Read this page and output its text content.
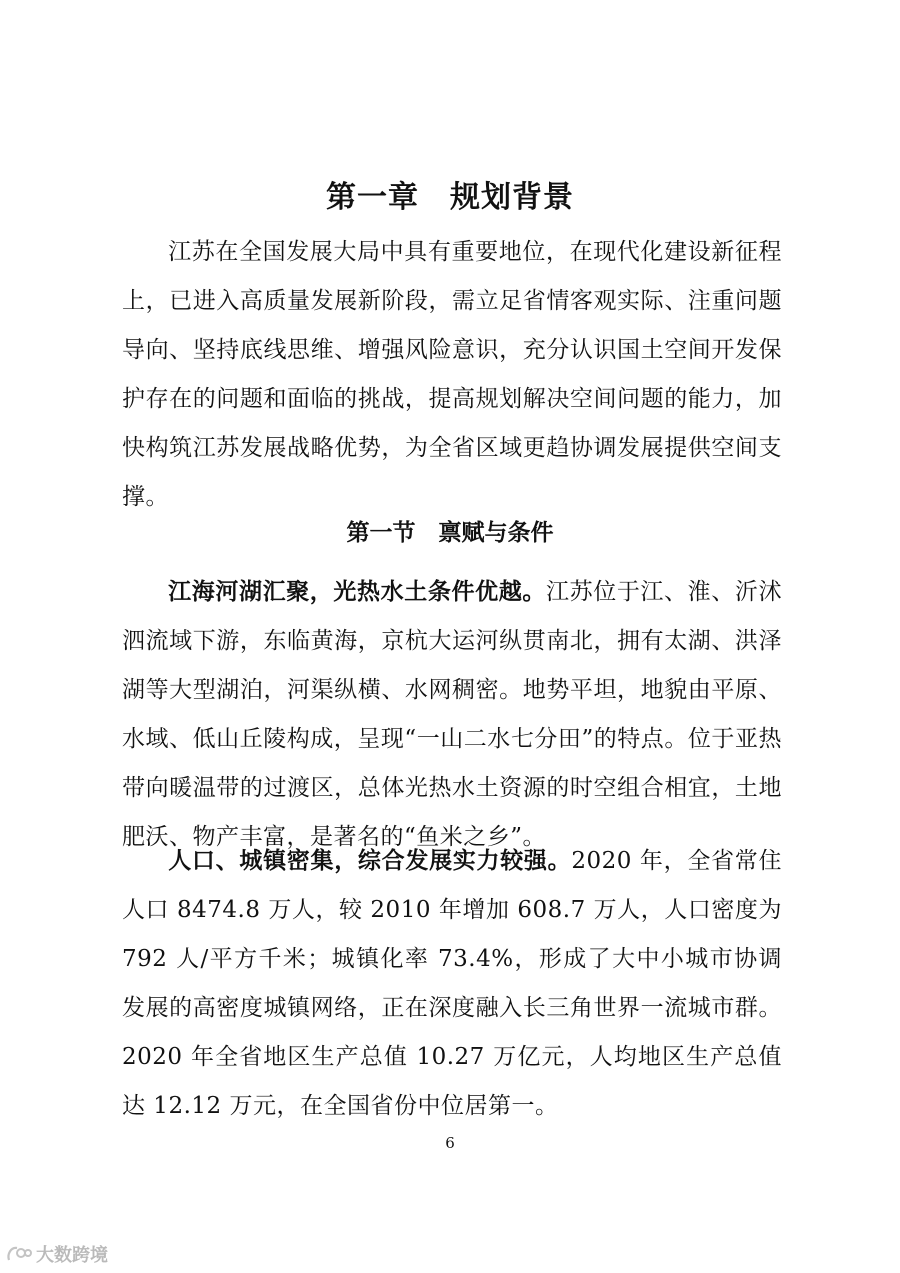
第一章　规划背景

江苏在全国发展大局中具有重要地位，在现代化建设新征程上，已进入高质量发展新阶段，需立足省情客观实际、注重问题导向、坚持底线思维、增强风险意识，充分认识国土空间开发保护存在的问题和面临的挑战，提高规划解决空间问题的能力，加快构筑江苏发展战略优势，为全省区域更趋协调发展提供空间支撑。

第一节　禀赋与条件

江海河湖汇聚，光热水土条件优越。江苏位于江、淮、沂沭泗流域下游，东临黄海，京杭大运河纵贯南北，拥有太湖、洪泽湖等大型湖泊，河渠纵横、水网稠密。地势平坦，地貌由平原、水域、低山丘陵构成，呈现“一山二水七分田”的特点。位于亚热带向暖温带的过渡区，总体光热水土资源的时空组合相宜，土地肥沃、物产丰富，是著名的“鱼米之乡”。

人口、城镇密集，综合发展实力较强。2020 年，全省常住人口 8474.8 万人，较 2010 年增加 608.7 万人，人口密度为 792 人/平方千米；城镇化率 73.4%，形成了大中小城市协调发展的高密度城镇网络，正在深度融入长三角世界一流城市群。2020 年全省地区生产总值 10.27 万亿元，人均地区生产总值达 12.12 万元，在全国省份中位居第一。

6
大数跨境
